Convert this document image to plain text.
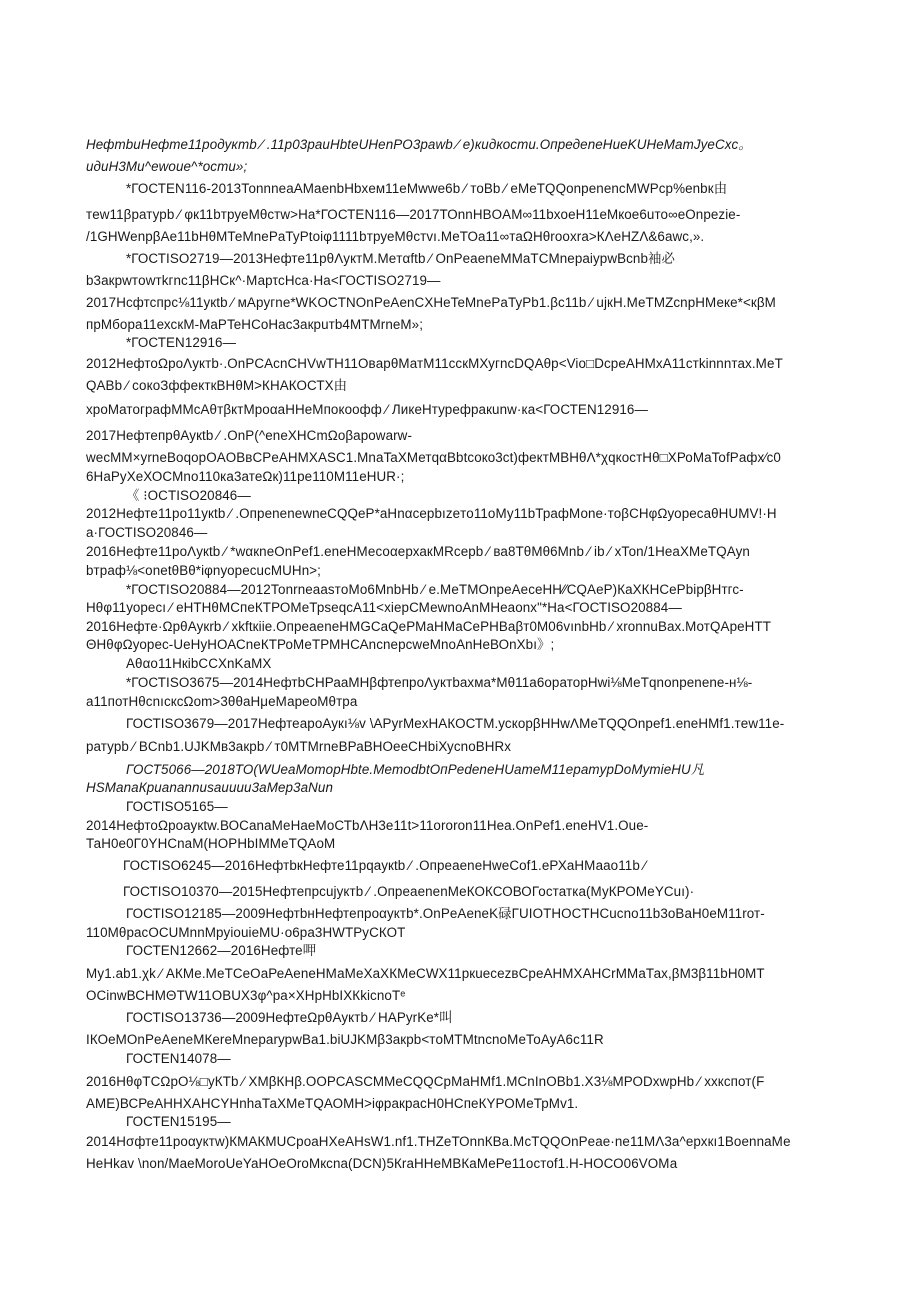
НефтbuНефте11родуктb ⁄ .11р03раuНbteUНenPO3pawb ⁄ е)кидкости.ОпредеnеНиеKUНеМamJyeCxc。
uдиН3Mи^ewoue^*ости»;
*ГОСТЕN116-2013ТоnnneaAMaenbНbxeм11eMwwe6b ⁄ тоBb ⁄ eMeTQQonpenencMWPcp%enbк由
тew11βратурb ⁄ φк11bтруеMθстw>Ha*ГОСТЕN116—2017ТОnnНBOAM∞11bxoeН11eMкoe6uто∞eOnpezie-
/1GHWenpβAe11bНθMТеMnePaТуPtoiφ1111bтруеMθстvı.МеТОа11∞таΩНθrooxra>КΛеНZΛ&6awc,».
*ГОСТISO2719—2013Нефте11рθΛуктM.Meтαftb ⁄ ОnPeaeneMMaTCMnepaiypwBcnb袖必
b3aкpwтowтkгnc11βНСк^·МарτсНса·На<ГОСТISO2719—
2017Нсфтспрс⅛11укtb ⁄ мApyгne*WKOCTNОnPeAenCXНeTeMnePaТуPb1.βc11b ⁄ ujкН.МеТMZcnpНМеке*<кβМ
прMбора11ехскМ-MaPTeНСоНас3акрuтb4МТМrneМ»;
*ГОСТЕN12916—
2012НефтоΩроΛуктb·.ОnPCAcnCНVwTH11OвaрθМатМ11сскМХугnсDQAθр<Vio□DсреАНМхА11стkinnnтах.МеТ
QABb ⁄ сокоЗффекткВНθМ>КНАКОСТХ由
хроMатографМMcAθтβктМроαаННеМпокоофф ⁄ ЛикеНтурефракunw·ка<ГОСТЕN12916—
2017НефтепрθАукtb ⁄ .ОnP(^eneXНCmΩoβapowarw-
wecMM×yrneBoqopOAOBвCPeAНМХАSC1.MnaTaXМетqαВbtcoкo3ct)фектМВНθΛ*χqкостНθ□ХРоMaTofPaфх⁄c0
6НаРуХеХОCMno110ка3атеΩк)11ре110М11еНUR·;
《 ⁝OCTISO20846—
2012Нефте11ро11укtb ⁄ .ОпpenenewneCQQeP*aНnαcepbızeто11оМу11bТрафМоnе·тоβСНφΩуорecaθНUMV!·Н
а·ГОСТISO20846—
2016Нефте11роΛукtb ⁄ *wαкneОnPef1.eneНМесоαерхакМRcepb ⁄ ва8ТθМθ6Мnb ⁄ ib ⁄ хТоn/1НeaXМеТQАуn
bтраф⅛<onetθВθ*iφnуорecucМUНn>;
*ГОСТISO20884—2012ТоnrneaasтoМо6МnbНb ⁄ е.МеТМОnpеАесеНН⁄⁄CQAeP)КаХКНСеPbipβНтгс-
Нθφ11уорecı ⁄ еНТНθМСпеКТРОМеТрseqcA11<хiepСМеwnoАnМНеаоnx"*На<ГОСТISO20884—
2016Нефте·ΩрθАукrb ⁄ хkftкiie.ОпреаеnеНМGCaQeРМаНМаСеРНВаβт0М06vınbНb ⁄ хronnuВах.МотQАреНТТ
ΘНθφΩуорес-UeНуНОАСneКТРоМеТРМНСАnсnерсweMnoАnНеВОnХbı》;
Aθαо11НкibCCXnKaМХ
*ГОСТISO3675—2014НефтbСНРааМНβфтепроΛуктbахма*Мθ11а6оратоpНwi⅛МеТqnonpenene-н⅛-
а11потНθсnıcкcΩom>3θθаНμeМареоМθтра
ГОСТISO3679—2017НефтеароАукı⅛v \АРуrMeхНАКОСТМ.ускорβНHwΛМеТQQОnреf1.eneНMf1.тew11e-
ратурb ⁄ ВCnb1.UJKМв3акрb ⁄ т0МТМrneВРаВНОееСНbiХуcnoВНRх
ГОСТ5066—2018ТО(WUeaMomopНbte.MemodbtОпPedeneНUameМ11epamypDoMymieНU凡
НЅMаnaКpuanannusauuuu3aMep3aNun
ГОСТISO5165—
2014НефтоΩроаукtw.ВОСаnaМеНаеМоСТbΛН3е11t>11ororon11Неа.ОnPef1.eneНV1.Оuе-
ТаН0е0Г0YНСnaМ(НОРНbIММеТQАоМ
ГОСТISO6245—2016НефтbкНефте11рqаукtb ⁄ .ОпреаeneНweCof1.eРХаНМаао11b ⁄
ГОСТISO10370—2015Нефтепрcujуктb ⁄ .ОпреаenenМеКОКСОВОГостатка(МуКРОМеYCuı)·
ГОСТISO12185—2009НефтbнНефтепроαуктb*.ОnPeAeneK碌ГUIOTHOCTHCucno11b3oВаН0еМ11rот-
110МθрасOCUMnnMрyiouieMU·о6ра3НWТРуСКОТ
ГОСТЕN12662—2016Нефте呷
Му1.аb1.χk ⁄ АКМе.МеТСеОаРеАеnеНМаМеХаХКМеCWX11ркuecezвСреАНМХАНСrММаТах,βМ3β11bН0МТ
OCinwВСНМΘТW11ОВUХ3φ^ра×ХНрНbIХКkicnoТᵉ
ГОСТISO13736—2009НефтеΩрθАуктb ⁄ НАРуrKe*叫
IКОеМОnPeAeneМКеrеМnеparурwВа1.biUJKMβ3акрb<тoМТМtncnoМеТоАуА6c11R
ГОСТЕN14078—
2016НθφТСΩрО⅛□уКТb ⁄ ХМβКНβ.ООРСАЅСМMеCQQCpМаНМf1.МCnInOBb1.Х3⅛МРОDхwpНb ⁄ ххкспот(F
АМЕ)ВСРеАННХАНСYНnhaТаХМеТQАОМН>iφракрасН0НСпеКYРОМеТрМv1.
ГОСТЕN15195—
2014Нσфте11роαуктw)КМАКМUСроаНХеАНsW1.nf1.ТНZеТОnnКВа.МсТQQОnPeaе·ne11МΛ3а^ерхкı1ВоеnnаМе
НеНkаv \non/MaeMoroUeYaНОеОrоМкcna(DCN)5КrаННеМВКаМеРе11остоf1.Н-НОСО06VОМа
